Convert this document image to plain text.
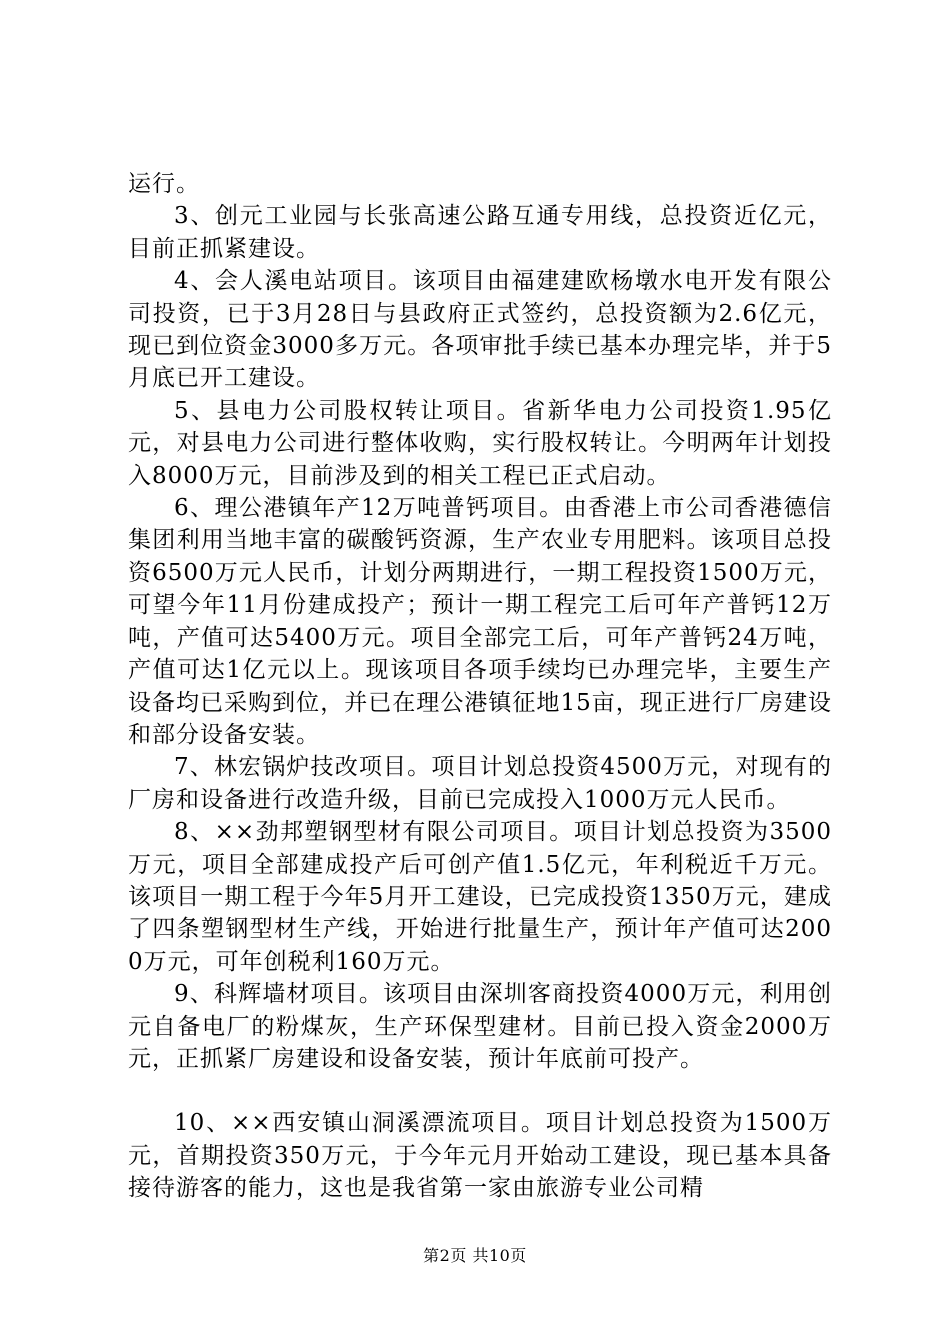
运行。

3、创元工业园与长张高速公路互通专用线，总投资近亿元，目前正抓紧建设。

4、会人溪电站项目。该项目由福建建欧杨墩水电开发有限公司投资，已于3月28日与县政府正式签约，总投资额为2.6亿元，现已到位资金3000多万元。各项审批手续已基本办理完毕，并于5月底已开工建设。

5、县电力公司股权转让项目。省新华电力公司投资1.95亿元，对县电力公司进行整体收购，实行股权转让。今明两年计划投入8000万元，目前涉及到的相关工程已正式启动。

6、理公港镇年产12万吨普钙项目。由香港上市公司香港德信集团利用当地丰富的碳酸钙资源，生产农业专用肥料。该项目总投资6500万元人民币，计划分两期进行，一期工程投资1500万元，可望今年11月份建成投产；预计一期工程完工后可年产普钙12万吨，产值可达5400万元。项目全部完工后，可年产普钙24万吨，产值可达1亿元以上。现该项目各项手续均已办理完毕，主要生产设备均已采购到位，并已在理公港镇征地15亩，现正进行厂房建设和部分设备安装。

7、林宏锅炉技改项目。项目计划总投资4500万元，对现有的厂房和设备进行改造升级，目前已完成投入1000万元人民币。

8、××劲邦塑钢型材有限公司项目。项目计划总投资为3500万元，项目全部建成投产后可创产值1.5亿元，年利税近千万元。该项目一期工程于今年5月开工建设，已完成投资1350万元，建成了四条塑钢型材生产线，开始进行批量生产，预计年产值可达2000万元，可年创税利160万元。

9、科辉墙材项目。该项目由深圳客商投资4000万元，利用创元自备电厂的粉煤灰，生产环保型建材。目前已投入资金2000万元，正抓紧厂房建设和设备安装，预计年底前可投产。

10、××西安镇山洞溪漂流项目。项目计划总投资为1500万元，首期投资350万元，于今年元月开始动工建设，现已基本具备接待游客的能力，这也是我省第一家由旅游专业公司精

第2页 共10页
